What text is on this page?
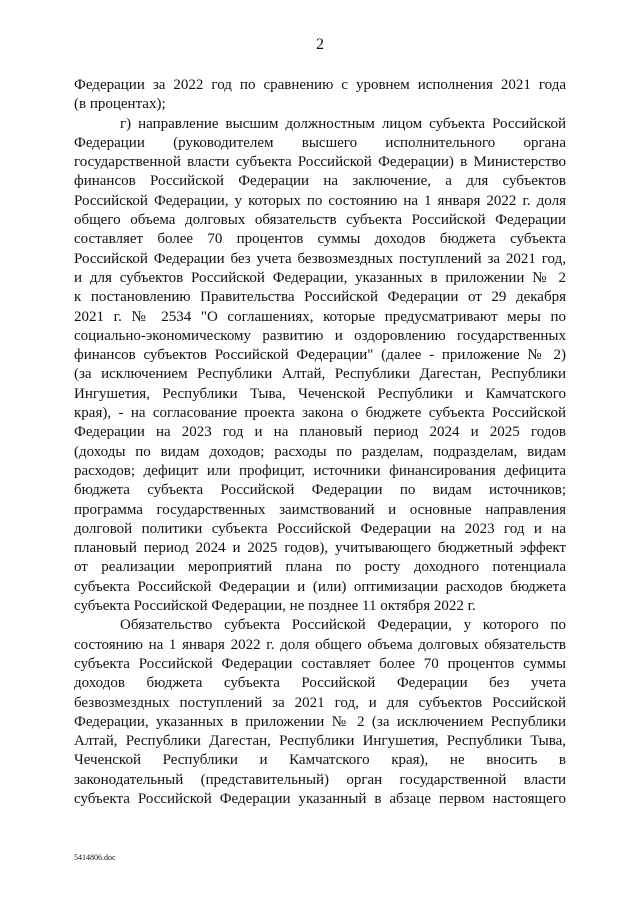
2
Федерации за 2022 год по сравнению с уровнем исполнения 2021 года
(в процентах);
г) направление высшим должностным лицом субъекта Российской
Федерации (руководителем высшего исполнительного органа
государственной власти субъекта Российской Федерации) в Министерство
финансов Российской Федерации на заключение, а для субъектов
Российской Федерации, у которых по состоянию на 1 января 2022 г. доля
общего объема долговых обязательств субъекта Российской Федерации
составляет более 70 процентов суммы доходов бюджета субъекта
Российской Федерации без учета безвозмездных поступлений за 2021 год,
и для субъектов Российской Федерации, указанных в приложении № 2
к постановлению Правительства Российской Федерации от 29 декабря
2021 г. № 2534 "О соглашениях, которые предусматривают меры по
социально-экономическому развитию и оздоровлению государственных
финансов субъектов Российской Федерации" (далее - приложение № 2)
(за исключением Республики Алтай, Республики Дагестан, Республики
Ингушетия, Республики Тыва, Чеченской Республики и Камчатского
края), - на согласование проекта закона о бюджете субъекта Российской
Федерации на 2023 год и на плановый период 2024 и 2025 годов
(доходы по видам доходов; расходы по разделам, подразделам, видам
расходов; дефицит или профицит, источники финансирования дефицита
бюджета субъекта Российской Федерации по видам источников;
программа государственных заимствований и основные направления
долговой политики субъекта Российской Федерации на 2023 год и на
плановый период 2024 и 2025 годов), учитывающего бюджетный эффект
от реализации мероприятий плана по росту доходного потенциала
субъекта Российской Федерации и (или) оптимизации расходов бюджета
субъекта Российской Федерации, не позднее 11 октября 2022 г.
Обязательство субъекта Российской Федерации, у которого по
состоянию на 1 января 2022 г. доля общего объема долговых обязательств
субъекта Российской Федерации составляет более 70 процентов суммы
доходов бюджета субъекта Российской Федерации без учета
безвозмездных поступлений за 2021 год, и для субъектов Российской
Федерации, указанных в приложении № 2 (за исключением Республики
Алтай, Республики Дагестан, Республики Ингушетия, Республики Тыва,
Чеченской Республики и Камчатского края), не вносить в
законодательный (представительный) орган государственной власти
субъекта Российской Федерации указанный в абзаце первом настоящего
5414806.doc
